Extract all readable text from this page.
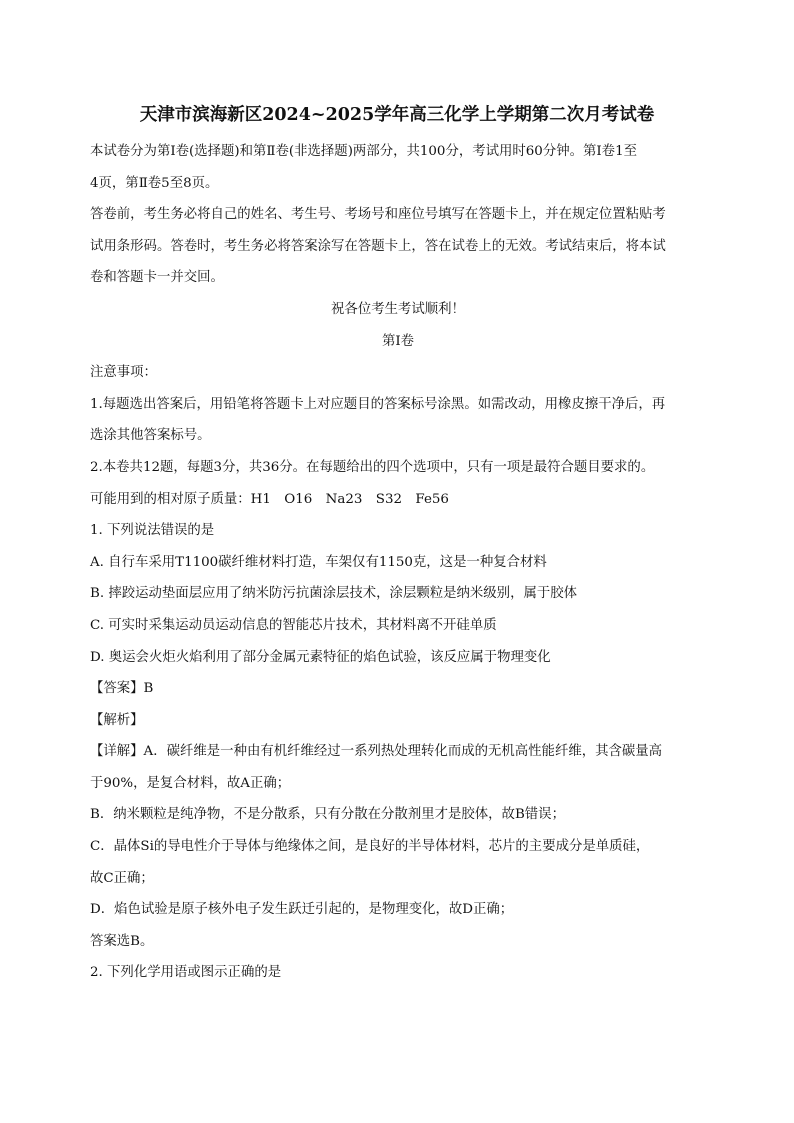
天津市滨海新区2024~2025学年高三化学上学期第二次月考试卷

本试卷分为第Ⅰ卷(选择题)和第Ⅱ卷(非选择题)两部分，共100分，考试用时60分钟。第Ⅰ卷1至

4页，第Ⅱ卷5至8页。

答卷前，考生务必将自己的姓名、考生号、考场号和座位号填写在答题卡上，并在规定位置粘贴考

试用条形码。答卷时，考生务必将答案涂写在答题卡上，答在试卷上的无效。考试结束后，将本试

卷和答题卡一并交回。

祝各位考生考试顺利！

第Ⅰ卷

注意事项：

1.每题选出答案后，用铅笔将答题卡上对应题目的答案标号涂黑。如需改动，用橡皮擦干净后，再

选涂其他答案标号。

2.本卷共12题，每题3分，共36分。在每题给出的四个选项中，只有一项是最符合题目要求的。

可能用到的相对原子质量：H1　O16　Na23　S32　Fe56

1. 下列说法错误的是

A. 自行车采用T1100碳纤维材料打造，车架仅有1150克，这是一种复合材料

B. 摔跤运动垫面层应用了纳米防污抗菌涂层技术，涂层颗粒是纳米级别，属于胶体

C. 可实时采集运动员运动信息的智能芯片技术，其材料离不开硅单质

D. 奥运会火炬火焰利用了部分金属元素特征的焰色试验，该反应属于物理变化

【答案】B

【解析】

【详解】A．碳纤维是一种由有机纤维经过一系列热处理转化而成的无机高性能纤维，其含碳量高

于90%，是复合材料，故A正确；

B．纳米颗粒是纯净物，不是分散系，只有分散在分散剂里才是胶体，故B错误；

C．晶体Si的导电性介于导体与绝缘体之间，是良好的半导体材料，芯片的主要成分是单质硅，

故C正确；

D．焰色试验是原子核外电子发生跃迁引起的，是物理变化，故D正确；

答案选B。

2. 下列化学用语或图示正确的是
